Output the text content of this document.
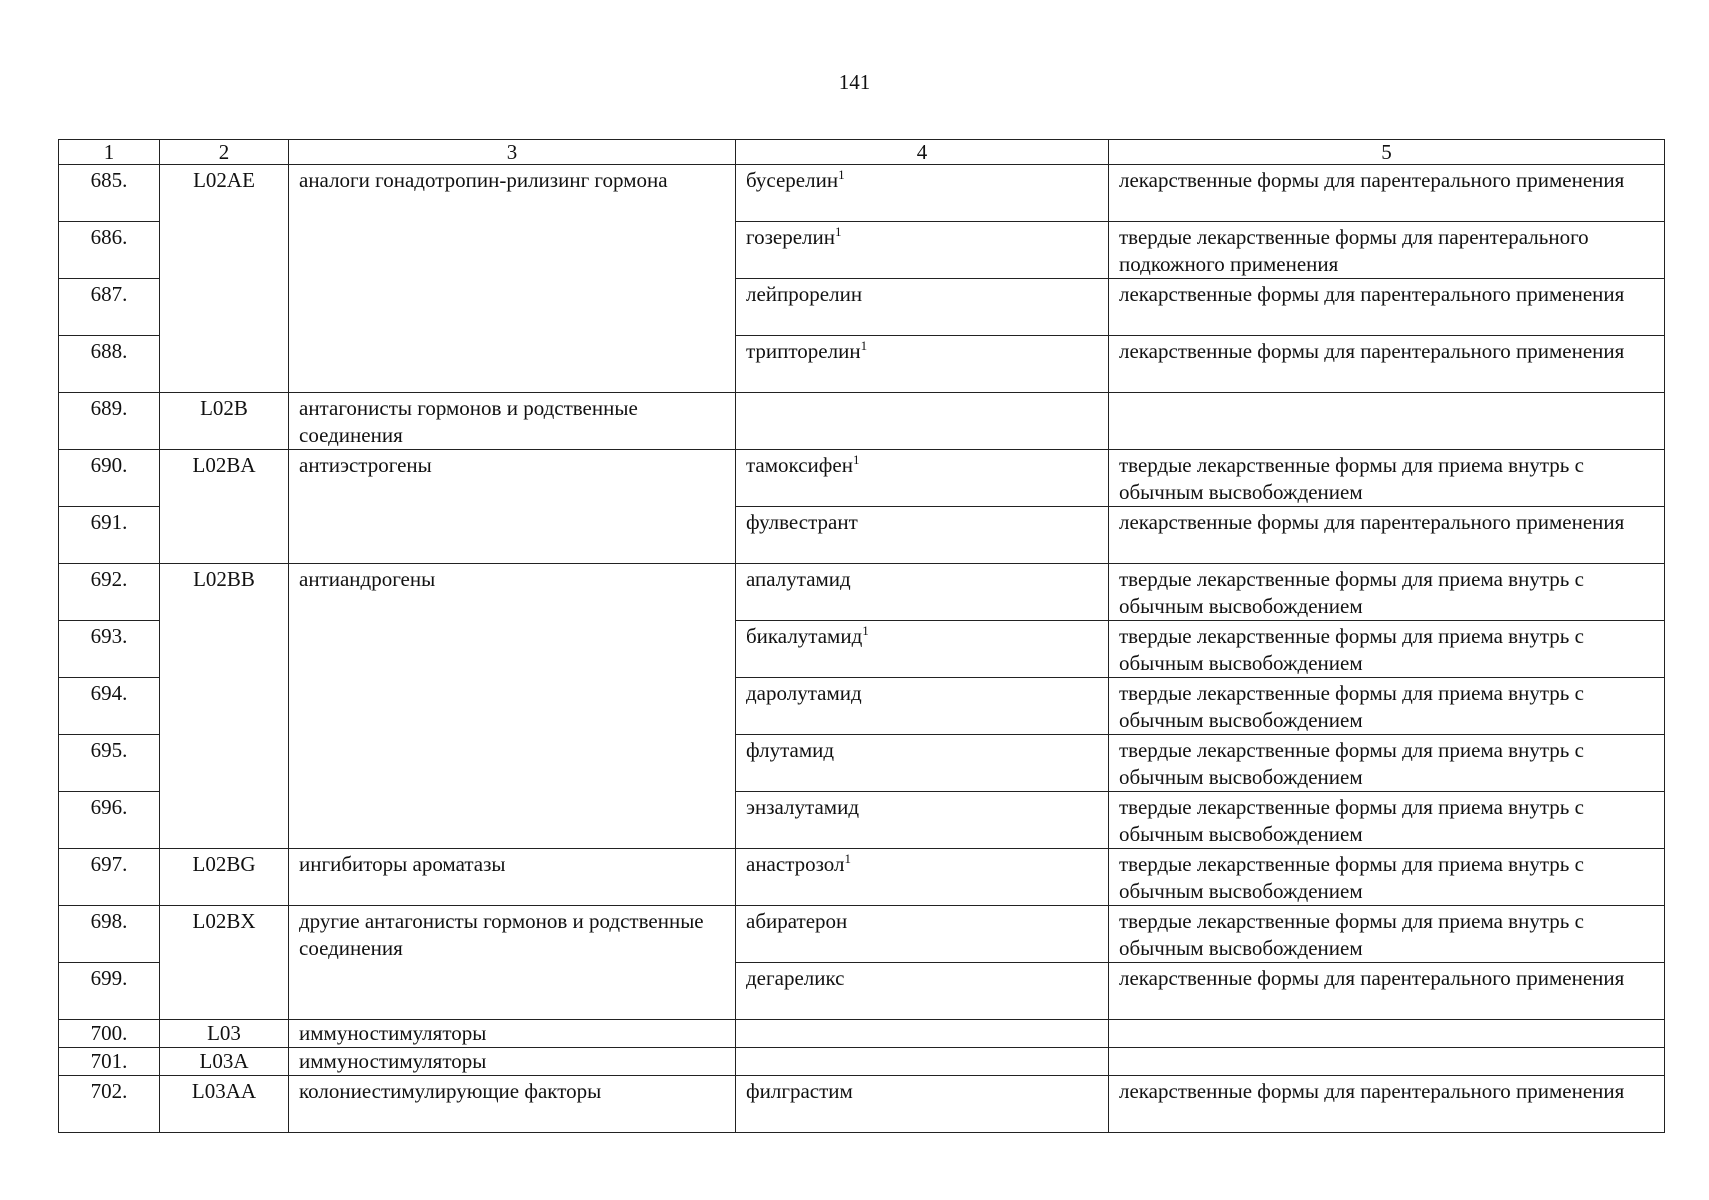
141
1	2	3	4	5
685.	L02AE	аналоги гонадотропин-рилизинг гормона	бусерелин$^1$	лекарственные формы для парентерального применения
686.			гозерелин$^1$	твердые лекарственные формы для парентерального подкожного применения
687.			лейпрорелин	лекарственные формы для парентерального применения
688.			трипторелин$^1$	лекарственные формы для парентерального применения
689.	L02B	антагонисты гормонов и родственные соединения		
690.	L02BA	антиэстрогены	тамоксифен$^1$	твердые лекарственные формы для приема внутрь с обычным высвобождением
691.			фулвестрант	лекарственные формы для парентерального применения
692.	L02BB	антиандрогены	апалутамид	твердые лекарственные формы для приема внутрь с обычным высвобождением
693.			бикалутамид$^1$	твердые лекарственные формы для приема внутрь с обычным высвобождением
694.			даролутамид	твердые лекарственные формы для приема внутрь с обычным высвобождением
695.			флутамид	твердые лекарственные формы для приема внутрь с обычным высвобождением
696.			энзалутамид	твердые лекарственные формы для приема внутрь с обычным высвобождением
697.	L02BG	ингибиторы ароматазы	анастрозол$^1$	твердые лекарственные формы для приема внутрь с обычным высвобождением
698.	L02BX	другие антагонисты гормонов и родственные соединения	абиратерон	твердые лекарственные формы для приема внутрь с обычным высвобождением
699.			дегареликс	лекарственные формы для парентерального применения
700.	L03	иммуностимуляторы		
701.	L03A	иммуностимуляторы		
702.	L03AA	колониестимулирующие факторы	филграстим	лекарственные формы для парентерального применения
